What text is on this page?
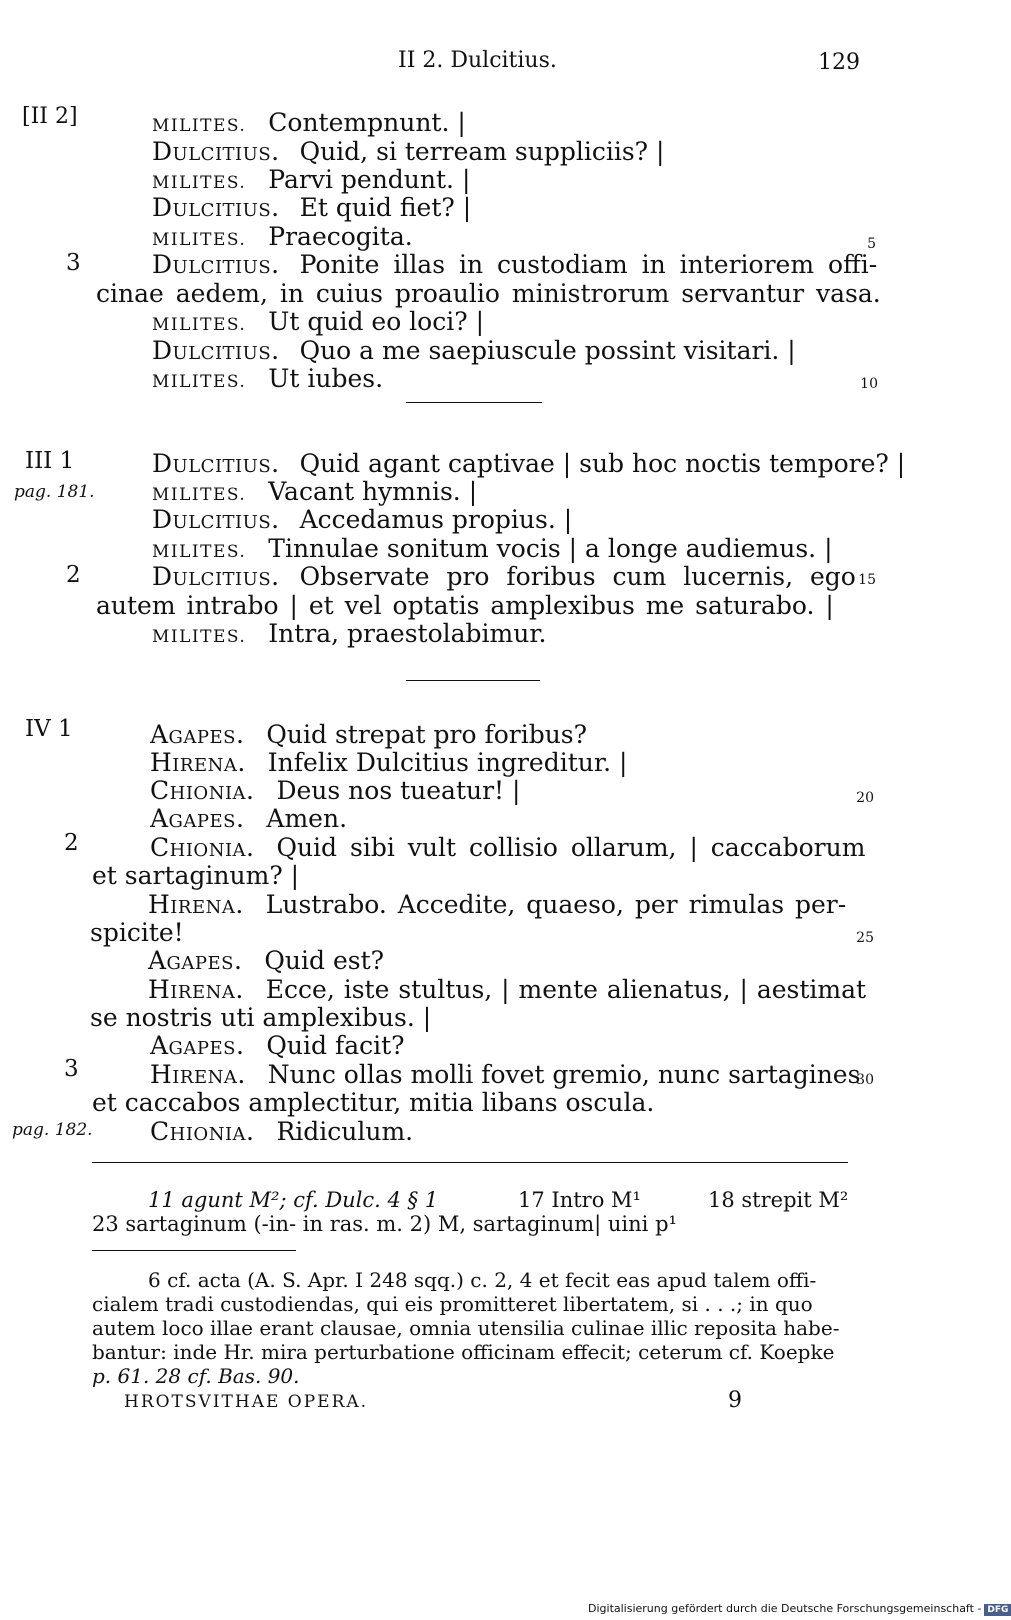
II 2. Dulcitius.	129
[II 2]	MILITES. Contempnunt. |
Dulcitius. Quid, si terream suppliciis? |
MILITES. Parvi pendunt. |
Dulcitius. Et quid fiet? |
MILITES. Praecogita.
Dulcitius. Ponite illas in custodiam in interiorem offi-
cinae aedem, in cuius proaulio ministrorum servantur vasa.
MILITES. Ut quid eo loci? |
Dulcitius. Quo a me saepiuscule possint visitari. |
MILITES. Ut iubes.
Dulcitius. Quid agant captivae | sub hoc noctis tempore? |
MILITES. Vacant hymnis. |
Dulcitius. Accedamus propius. |
MILITES. Tinnulae sonitum vocis | a longe audiemus. |
Dulcitius. Observate pro foribus cum lucernis, ego
autem intrabo | et vel optatis amplexibus me saturabo. |
MILITES. Intra, praestolabimur.
Agapes. Quid strepat pro foribus?
Hirena. Infelix Dulcitius ingreditur. |
Chionia. Deus nos tueatur! |
Agapes. Amen.
Chionia. Quid sibi vult collisio ollarum, | caccaborum
et sartaginum? |
Hirena. Lustrabo. Accedite, quaeso, per rimulas per-
spicite!
Agapes. Quid est?
Hirena. Ecce, iste stultus, | mente alienatus, | aestimat
se nostris uti amplexibus. |
Agapes. Quid facit?
Hirena. Nunc ollas molli fovet gremio, nunc sartagines
et caccabos amplectitur, mitia libans oscula.
Chionia. Ridiculum.
3
III 1
pag. 181.
2
IV 1
2
3
pag. 182.
5
10
15
20
25
30
11 agunt M²; cf. Dulc. 4 § 1	17 Intro M¹	18 strepit M²
23 sartaginum (-in- in ras. m. 2) M, sartaginum| uini p¹
6 cf. acta (A. S. Apr. I 248 sqq.) c. 2, 4 et fecit eas apud talem offi-
cialem tradi custodiendas, qui eis promitteret libertatem, si . . .; in quo
autem loco illae erant clausae, omnia utensilia culinae illic reposita habe-
bantur: inde Hr. mira perturbatione officinam effecit; ceterum cf. Koepke
p. 61. 28 cf. Bas. 90.
HROTSVITHAE OPERA.	9
Digitalisierung gefördert durch die Deutsche Forschungsgemeinschaft - DFG
